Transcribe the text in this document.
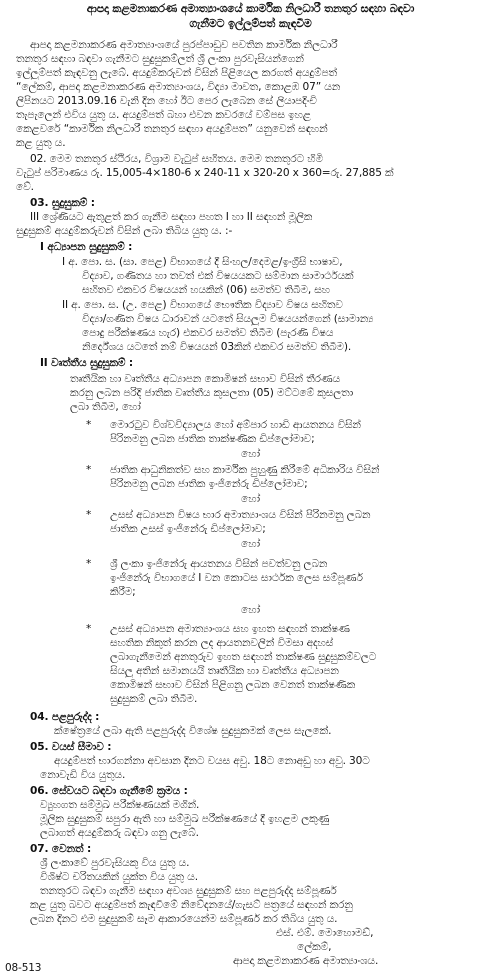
ආපදා කළමනාකරණ අමාත්‍යාංශයේ කාර්මික නිලධාරී තනතුර සඳහා බඳවා
ගැනීමට ඉල්ලුම්පත් කැඳවීම
ආපදා කළමනාකරණ අමාත්‍යාංශයේ පුරප්පාඩුව පවතින කාර්මික නිලධාරී
තනතුර සඳහා බඳවා ගැනීමට සුදුසුකම්ලත් ශ්‍රී ලංකා පුරවැසියන්ගෙන්
ඉල්ලුම්පත් කැඳවනු ලැබේ. අයදුම්කරුවන් විසින් පිළියෙල කරගත් අයදුම්පත්
“ලේකම්, ආපදා කළමනාකරණ අමාත්‍යාංශය, විද්‍යා මාවත, කොළඹ 07” යන
ලිපිනයට 2013.09.16 වැනි දින හෝ ඊට පෙර ලැබෙන සේ ලියාපදිංචි
තැපැලෙන් එවිය යුතු ය. අයදුම්පත් බහා එවන කවරයේ වම්පස ඉහළ
කෙළවරේ “කාර්මික නිලධාරී තනතුර සඳහා අයදුම්පත” යනුවෙන් සඳහන්
කළ යුතු ය.
02. මෙම තනතුර ස්ථිරය, විශ්‍රාම වැටුප් සහිතය. මෙම තනතුරට හිමි
වැටුප් පරිමාණය රු. 15,005-4×180-6 x 240-11 x 320-20 x 360=රු. 27,885 ක්
වේ.
03. සුදුසුකම් :
III ශ්‍රේණියට ඇතුළත් කර ගැනීම සඳහා පහත I හා II සඳහන් මූලික
සුදුසුකම් අයදුම්කරුවන් විසින් ලබා තිබිය යුතු ය. :-
I අධ්‍යාපන සුදුසුකම් :
I අ. පො. ස. (සා. පෙළ) විභාගයේ දී සිංහල/දෙමළ/ඉංග්‍රීසි භාෂාව,
විද්‍යාව, ගණිතය හා තවත් එක් විෂයයකට සම්මාන සාමාර්ථයක්
සහිතව එකවර විෂයයන් හයකින් (06) සමත්ව තිබීම, සහ
II අ. පො. ස. (උ. පෙළ) විභාගයේ භෞතික විද්‍යාව විෂය සහිතව
විද්‍යා/ගණිත විෂය ධාරාවන් යටතේ සියලුම විෂයයන්ගෙන් (සාමාන්‍ය
පොදු පරීක්ෂණය හැර) එකවර සමත්ව තිබීම (පැරණි විෂය
නිර්දේශය යටතේ නම් විෂයයන් 03කින් එකවර සමත්ව තිබීම).
II වෘත්තීය සුදුසුකම් :
තෘතීයික හා වෘත්තීය අධ්‍යාපන කොමිෂන් සභාව විසින් තීරණය
කරනු ලබන පරිදි ජාතික වෘත්තීය කුසලතා (05) මට්ටමේ කුසලතා
ලබා තිබීම, හෝ
* මොරටුව විශ්වවිද්‍යාලය හෝ අම්පාර හාඩි ආයතනය විසින්
පිරිනමනු ලබන ජාතික තාක්ෂණික ඩිප්ලෝමාව;
හෝ
* ජාතික ආධුනිකත්ව සහ කාර්මික පුහුණු කිරීමේ අධිකාරිය විසින්
පිරිනමනු ලබන ජාතික ඉංජිනේරු ඩිප්ලෝමාව;
හෝ
* උසස් අධ්‍යාපන විෂය භාර අමාත්‍යාංශය විසින් පිරිනමනු ලබන
ජාතික උසස් ඉංජිනේරු ඩිප්ලෝමාව;
හෝ
* ශ්‍රී ලංකා ඉංජිනේරු ආයතනය විසින් පවත්වනු ලබන
ඉංජිනේරු විභාගයේ I වන කොටස සාර්ථක ලෙස සම්පූර්ණ
කිරීම;
හෝ
* උසස් අධ්‍යාපන අමාත්‍යාංශය සහ ඉහත සඳහන් තාක්ෂණ
සහතික නිකුත් කරන ලද ආයතනවලින් විමසා අදහස්
ලබාගැනීමෙන් අනතුරුව ඉහත සඳහන් තාක්ෂණ සුදුසුකම්වලට
සියලු අතින් සමානයයි තෘතීයික හා වෘත්තීය අධ්‍යාපන
කොමිෂන් සභාව විසින් පිළිගනු ලබන වෙනත් තාක්ෂණික
සුදුසුකම් ලබා තිබීම.
04. පළපුරුද්ද :
ක්ෂේත්‍රයේ ලබා ඇති පළපුරුද්ද විශේෂ සුදුසුකමක් ලෙස සැලකේ.
05. වයස් සීමාව :
අයදුම්පත් භාරගන්නා අවසාන දිනට වයස අවු. 18ට නොඅඩු හා අවු. 30ට
නොවැඩි විය යුතුය.
06. සේවයට බඳවා ගැනීමේ ක්‍රමය :
ව්‍යුහගත සම්මුඛ පරීක්ෂණයක් මගින්.
මූලික සුදුසුකම් සපුරා ඇති හා සම්මුඛ පරීක්ෂණයේ දී ඉහළම ලකුණු
ලබාගත් අයදුම්කරු බඳවා ගනු ලැබේ.
07. වෙනත් :
ශ්‍රී ලංකාවේ පුරවැසියකු විය යුතු ය.
විශිෂ්ට චරිතයකින් යුක්ත විය යුතු ය.
තනතුරට බඳවා ගැනීම සඳහා අවශ්‍ය සුදුසුකම් සහ පළපුරුද්ද සම්පූර්ණ
කළ යුතු බවට අයදුම්පත් කැඳවීමේ නිවේදනයේ/ගැසට් පත්‍රයේ සඳහන් කරනු
ලබන දිනට එම සුදුසුකම් සෑම ආකාරයෙන්ම සම්පූර්ණ කර තිබිය යුතු ය.
එස්. එම්. මොහොමඩ්,
ලේකම්,
ආපදා කළමනාකරණ අමාත්‍යාංශය.
08-513
